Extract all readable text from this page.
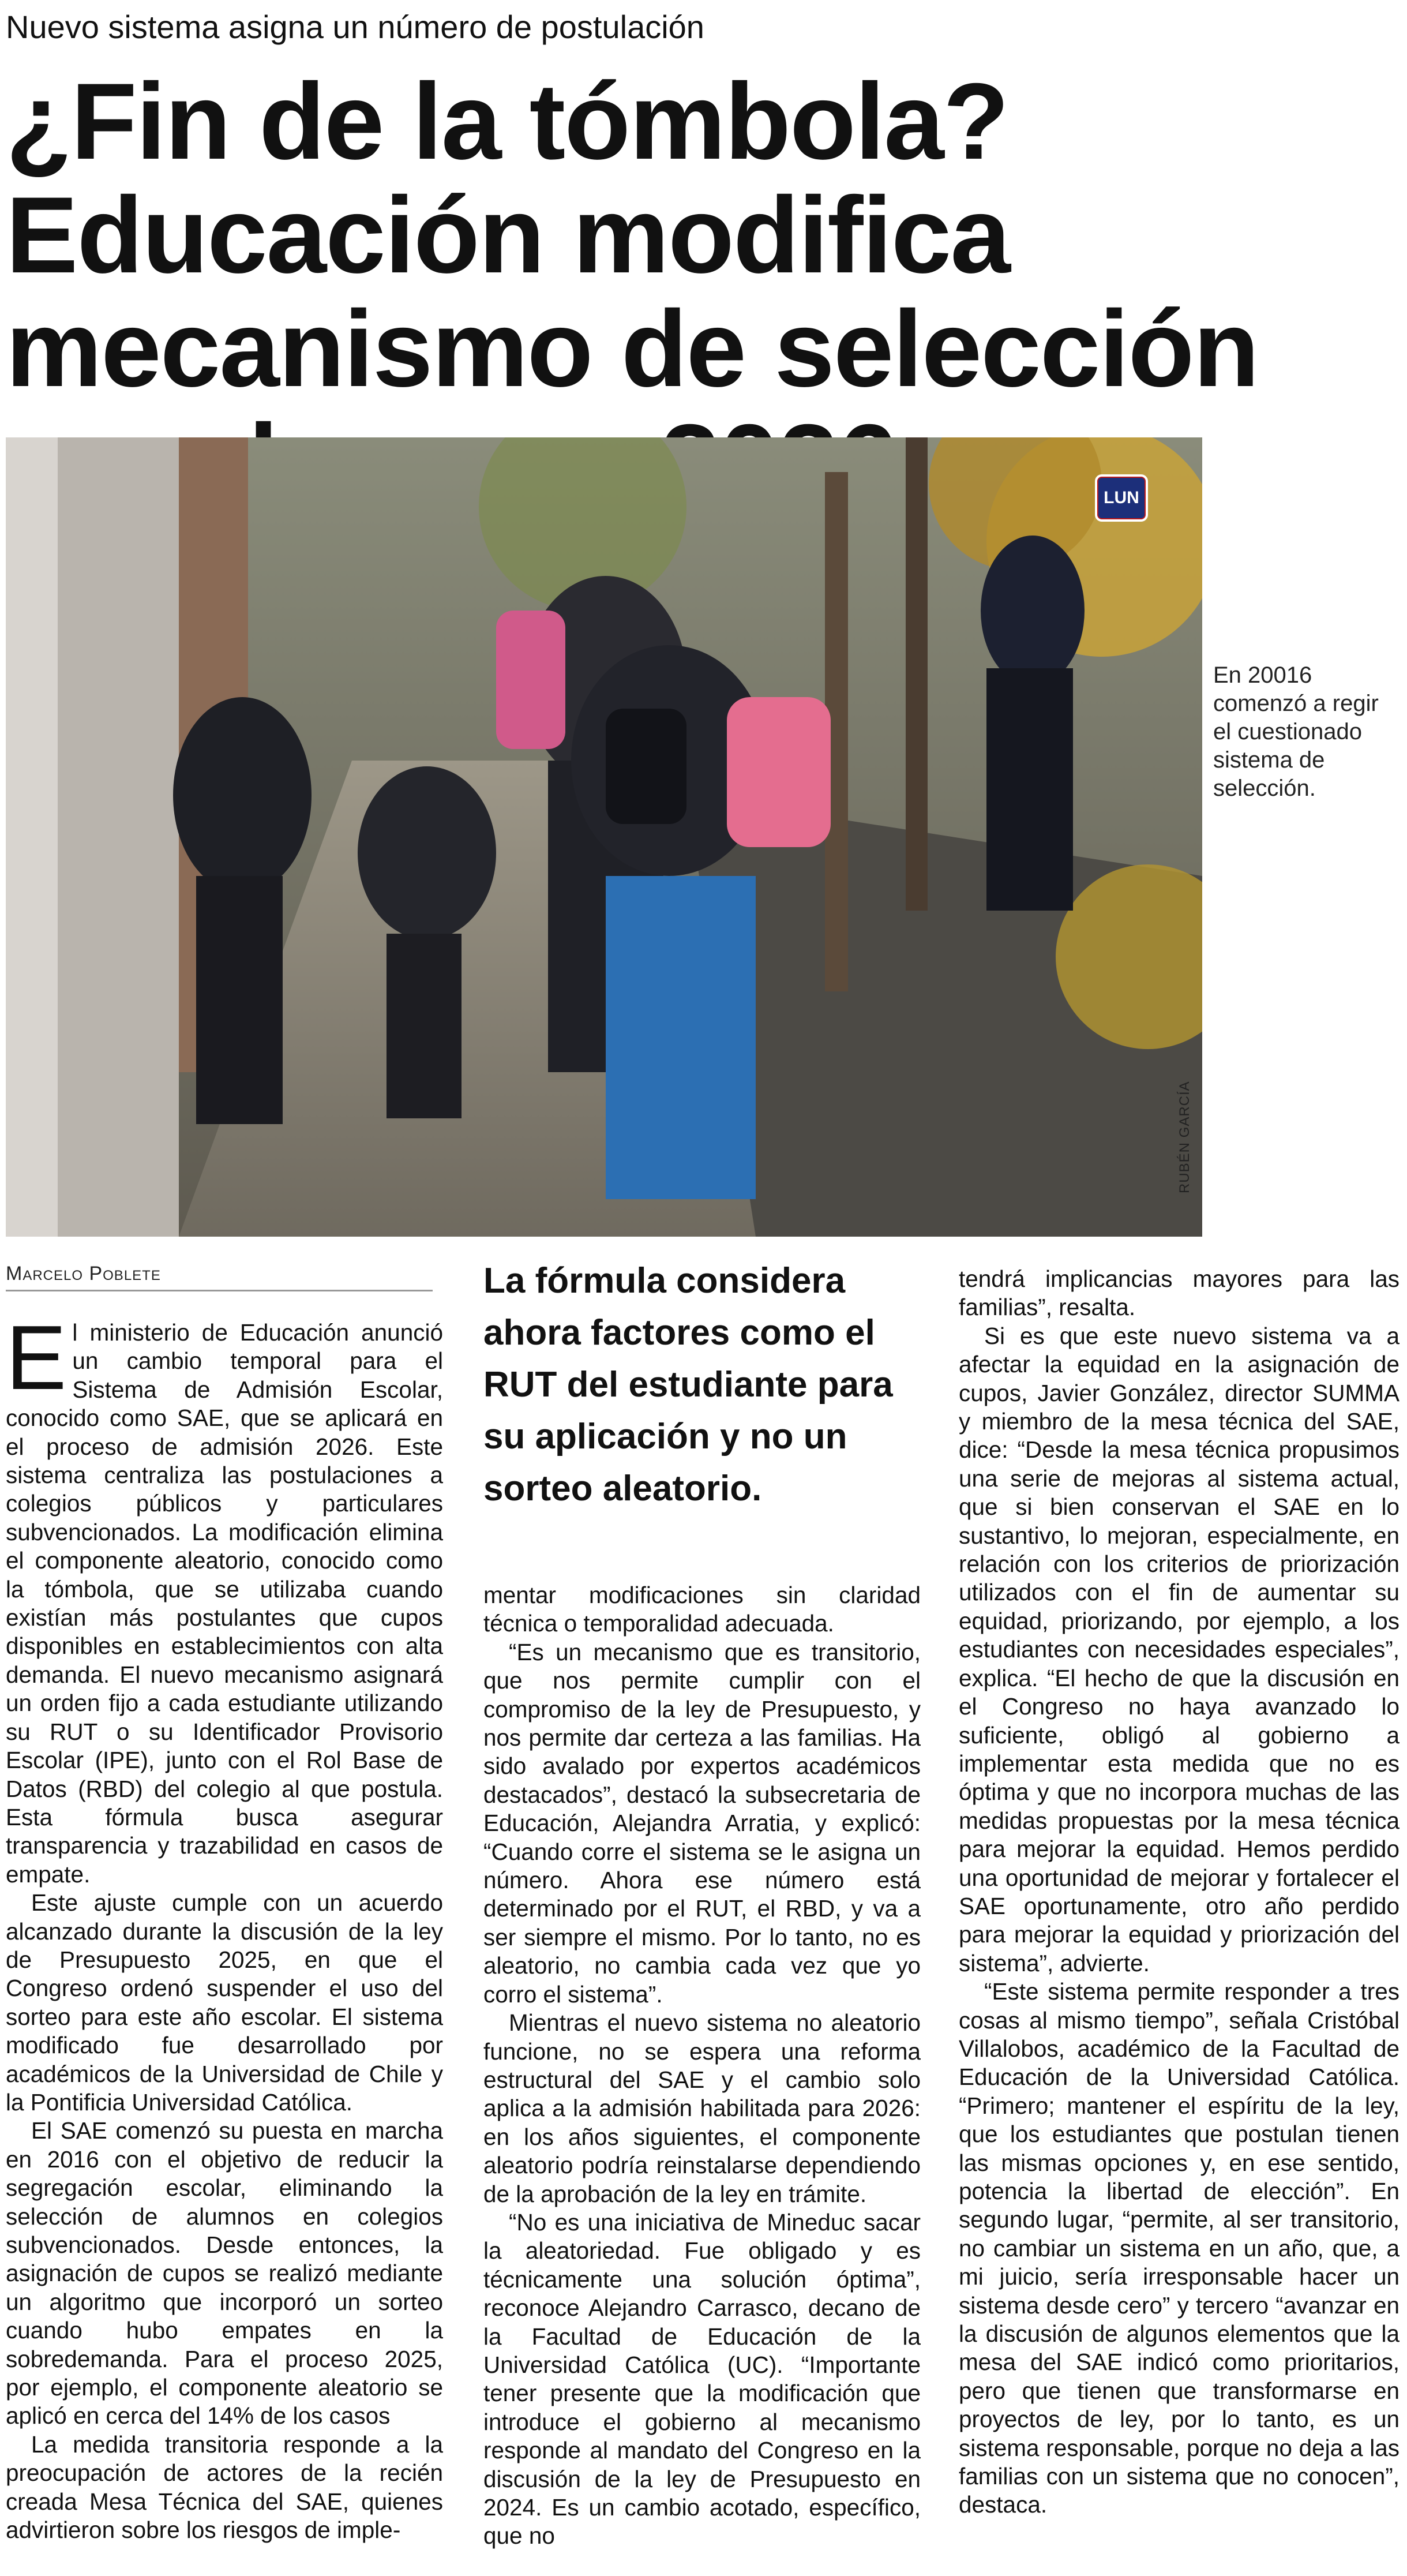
Nuevo sistema asigna un número de postulación
¿Fin de la tómbola? Educación modifica mecanismo de selección
LUN
RUBÉN GARCÍA
En 20016 comenzó a regir el cuestionado sistema de selección.
Marcelo Poblete	La fórmula considera ahora factores como el RUT del estudiante para su aplicación y no un sorteo aleatorio.

El ministerio de Educación anunció un cambio temporal para el Sistema de Admisión Escolar, conocido como SAE, que se aplicará en el proceso de admisión 2026. Este sistema centraliza las postulaciones a colegios públicos y particulares subvencionados. La modificación elimina el componente aleatorio, conocido como la tómbola, que se utilizaba cuando existían más postulantes que cupos disponibles en establecimientos con alta demanda. El nuevo mecanismo asignará un orden fijo a cada estudiante utilizando su RUT o su Identificador Provisorio Escolar (IPE), junto con el Rol Base de Datos (RBD) del colegio al que postula. Esta fórmula busca asegurar transparencia y trazabilidad en casos de empate.

Este ajuste cumple con un acuerdo alcanzado durante la discusión de la ley de Presupuesto 2025, en que el Congreso ordenó suspender el uso del sorteo para este año escolar. El sistema modificado fue desarrollado por académicos de la Universidad de Chile y la Pontificia Universidad Católica.

El SAE comenzó su puesta en marcha en 2016 con el objetivo de reducir la segregación escolar, eliminando la selección de alumnos en colegios subvencionados. Desde entonces, la asignación de cupos se realizó mediante un algoritmo que incorporó un sorteo cuando hubo empates en la sobredemanda. Para el proceso 2025, por ejemplo, el componente aleatorio se aplicó en cerca del 14% de los casos

La medida transitoria responde a la preocupación de actores de la recién creada Mesa Técnica del SAE, quienes advirtieron sobre los riesgos de imple-

mentar modificaciones sin claridad técnica o temporalidad adecuada.

“Es un mecanismo que es transitorio, que nos permite cumplir con el compromiso de la ley de Presupuesto, y nos permite dar certeza a las familias. Ha sido avalado por expertos académicos destacados”, destacó la subsecretaria de Educación, Alejandra Arratia, y explicó: “Cuando corre el sistema se le asigna un número. Ahora ese número está determinado por el RUT, el RBD, y va a ser siempre el mismo. Por lo tanto, no es aleatorio, no cambia cada vez que yo corro el sistema”.

Mientras el nuevo sistema no aleatorio funcione, no se espera una reforma estructural del SAE y el cambio solo aplica a la admisión habilitada para 2026: en los años siguientes, el componente aleatorio podría reinstalarse dependiendo de la aprobación de la ley en trámite.

“No es una iniciativa de Mineduc sacar la aleatoriedad. Fue obligado y es técnicamente una solución óptima”, reconoce Alejandro Carrasco, decano de la Facultad de Educación de la Universidad Católica (UC). “Importante tener presente que la modificación que introduce el gobierno al mecanismo responde al mandato del Congreso en la discusión de la ley de Presupuesto en 2024. Es un cambio acotado, específico, que no

tendrá implicancias mayores para las familias”, resalta.

Si es que este nuevo sistema va a afectar la equidad en la asignación de cupos, Javier González, director SUMMA y miembro de la mesa técnica del SAE, dice: “Desde la mesa técnica propusimos una serie de mejoras al sistema actual, que si bien conservan el SAE en lo sustantivo, lo mejoran, especialmente, en relación con los criterios de priorización utilizados con el fin de aumentar su equidad, priorizando, por ejemplo, a los estudiantes con necesidades especiales”, explica. “El hecho de que la discusión en el Congreso no haya avanzado lo suficiente, obligó al gobierno a implementar esta medida que no es óptima y que no incorpora muchas de las medidas propuestas por la mesa técnica para mejorar la equidad. Hemos perdido una oportunidad de mejorar y fortalecer el SAE oportunamente, otro año perdido para mejorar la equidad y priorización del sistema”, advierte.

“Este sistema permite responder a tres cosas al mismo tiempo”, señala Cristóbal Villalobos, académico de la Facultad de Educación de la Universidad Católica. “Primero; mantener el espíritu de la ley, que los estudiantes que postulan tienen las mismas opciones y, en ese sentido, potencia la libertad de elección”. En segundo lugar, “permite, al ser transitorio, no cambiar un sistema en un año, que, a mi juicio, sería irresponsable hacer un sistema desde cero” y tercero “avanzar en la discusión de algunos elementos que la mesa del SAE indicó como prioritarios, pero que tienen que transformarse en proyectos de ley, por lo tanto, es un sistema responsable, porque no deja a las familias con un sistema que no conocen”, destaca.
